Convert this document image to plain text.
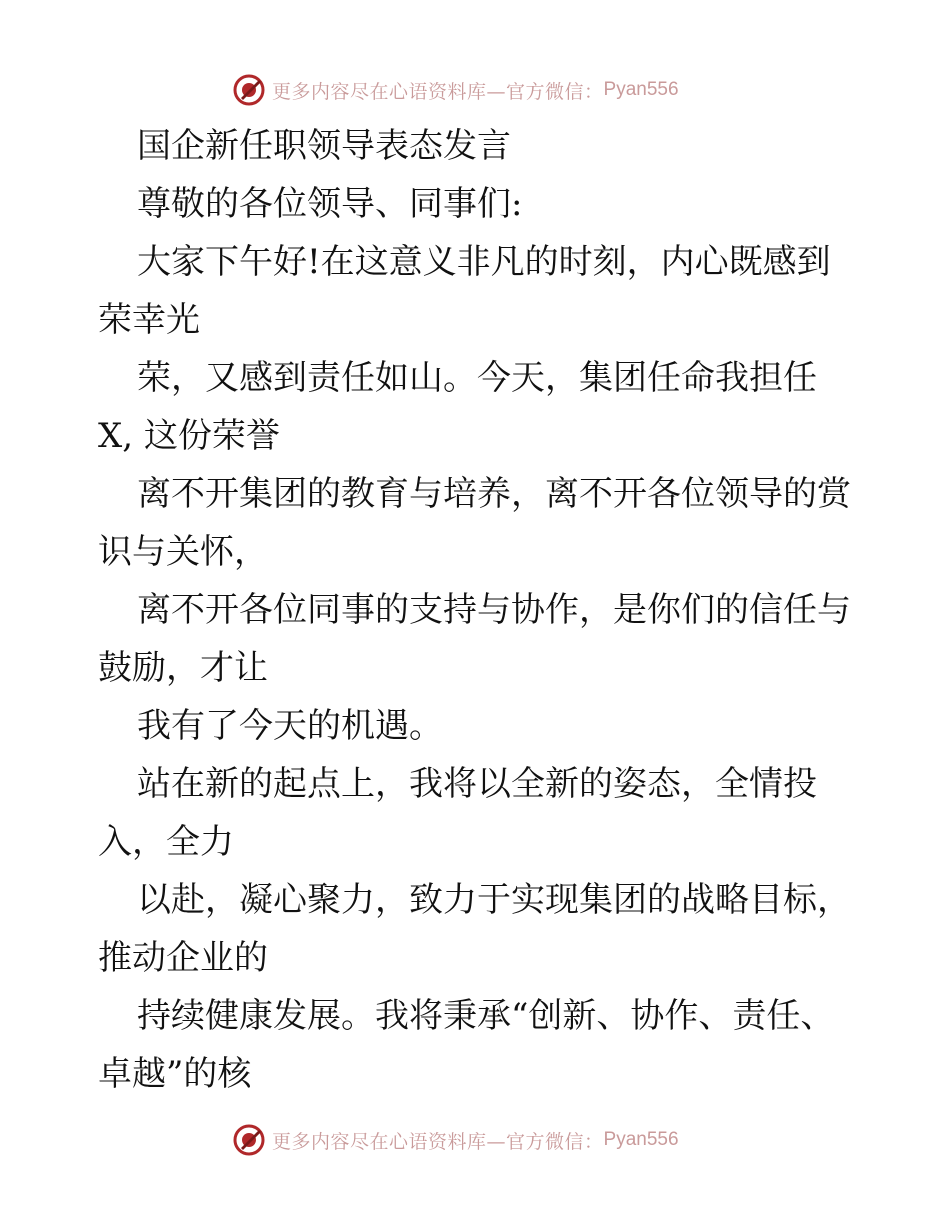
更多内容尽在心语资料库—官方微信： Pyan556
国企新任职领导表态发言
尊敬的各位领导、同事们:
大家下午好!在这意义非凡的时刻，内心既感到
荣幸光
荣，又感到责任如山。今天，集团任命我担任
X, 这份荣誉
离不开集团的教育与培养，离不开各位领导的赏
识与关怀，
离不开各位同事的支持与协作，是你们的信任与
鼓励，才让
我有了今天的机遇。
站在新的起点上，我将以全新的姿态，全情投
入，全力
以赴，凝心聚力，致力于实现集团的战略目标，
推动企业的
持续健康发展。我将秉承“创新、协作、责任、
卓越”的核
更多内容尽在心语资料库—官方微信： Pyan556
